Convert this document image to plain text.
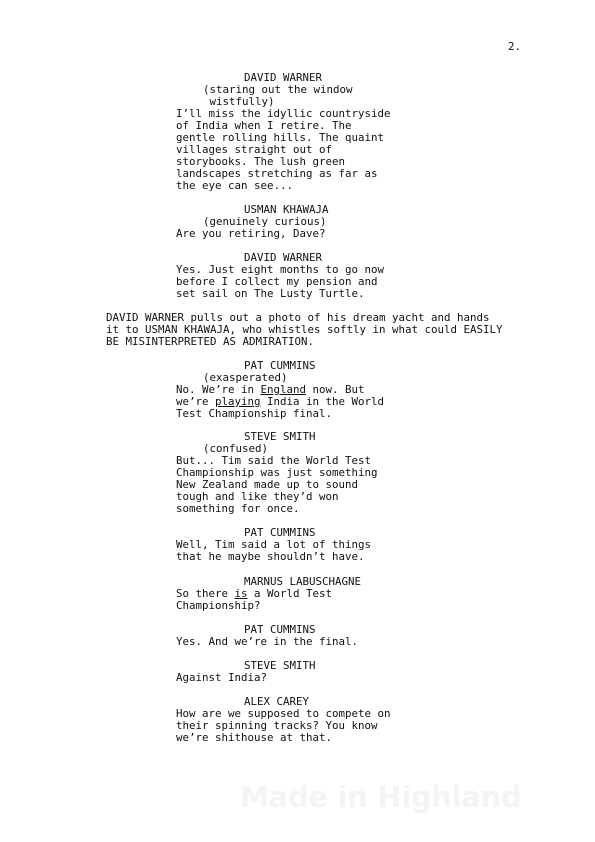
2.
DAVID WARNER
(staring out the window
wistfully)
I’ll miss the idyllic countryside
of India when I retire. The
gentle rolling hills. The quaint
villages straight out of
storybooks. The lush green
landscapes stretching as far as
the eye can see...
USMAN KHAWAJA
(genuinely curious)
Are you retiring, Dave?
DAVID WARNER
Yes. Just eight months to go now
before I collect my pension and
set sail on The Lusty Turtle.
DAVID WARNER pulls out a photo of his dream yacht and hands
it to USMAN KHAWAJA, who whistles softly in what could EASILY
BE MISINTERPRETED AS ADMIRATION.
PAT CUMMINS
(exasperated)
No. We’re in England now. But
we’re playing India in the World
Test Championship final.
STEVE SMITH
(confused)
But... Tim said the World Test
Championship was just something
New Zealand made up to sound
tough and like they’d won
something for once.
PAT CUMMINS
Well, Tim said a lot of things
that he maybe shouldn’t have.
MARNUS LABUSCHAGNE
So there is a World Test
Championship?
PAT CUMMINS
Yes. And we’re in the final.
STEVE SMITH
Against India?
ALEX CAREY
How are we supposed to compete on
their spinning tracks? You know
we’re shithouse at that.
Made in Highland
